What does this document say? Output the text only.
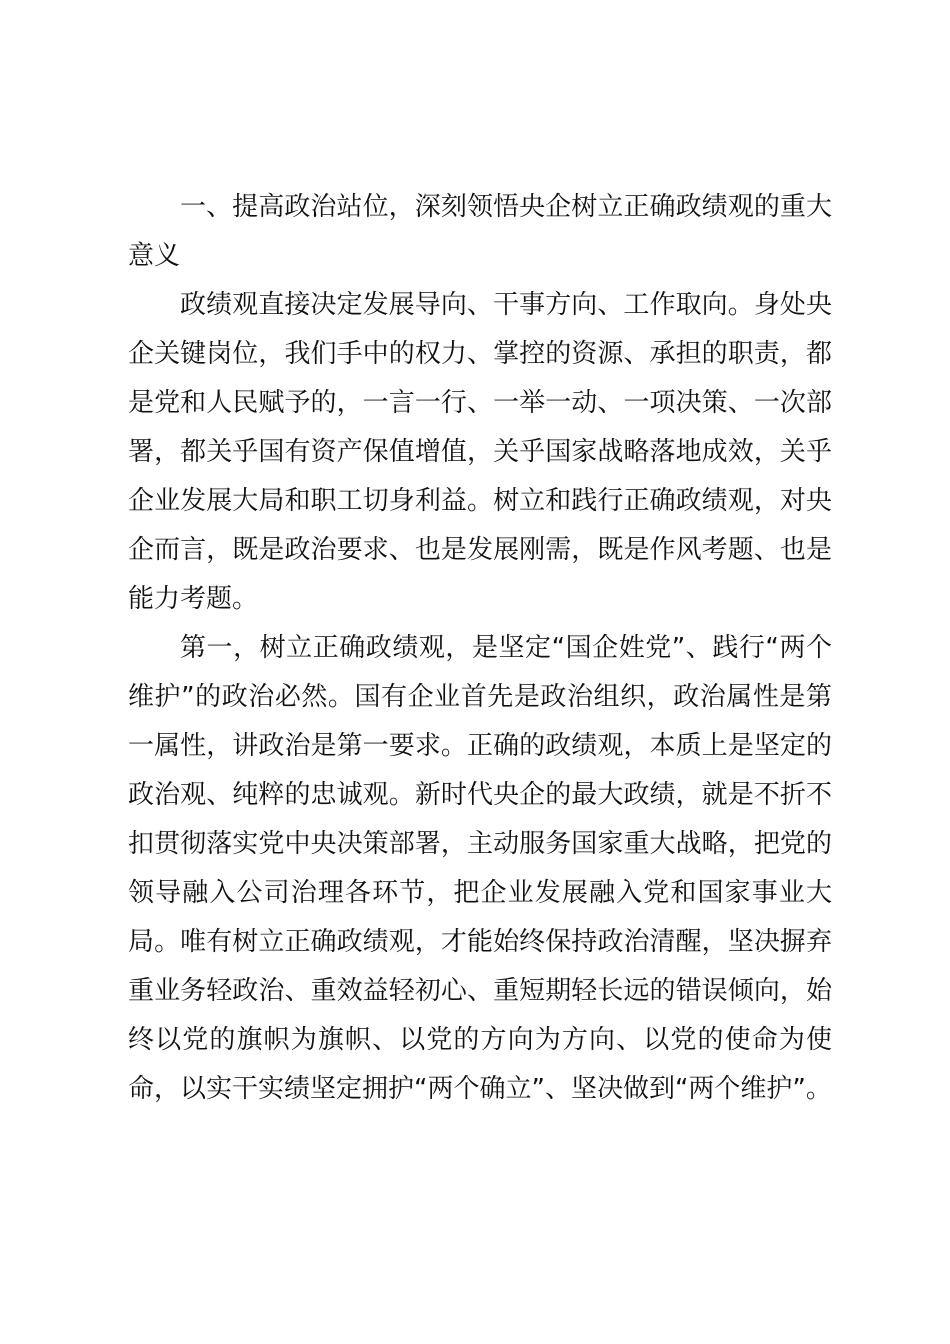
一、提高政治站位，深刻领悟央企树立正确政绩观的重大意义

政绩观直接决定发展导向、干事方向、工作取向。身处央企关键岗位，我们手中的权力、掌控的资源、承担的职责，都是党和人民赋予的，一言一行、一举一动、一项决策、一次部署，都关乎国有资产保值增值，关乎国家战略落地成效，关乎企业发展大局和职工切身利益。树立和践行正确政绩观，对央企而言，既是政治要求、也是发展刚需，既是作风考题、也是能力考题。

第一，树立正确政绩观，是坚定“国企姓党”、践行“两个维护”的政治必然。国有企业首先是政治组织，政治属性是第一属性，讲政治是第一要求。正确的政绩观，本质上是坚定的政治观、纯粹的忠诚观。新时代央企的最大政绩，就是不折不扣贯彻落实党中央决策部署，主动服务国家重大战略，把党的领导融入公司治理各环节，把企业发展融入党和国家事业大局。唯有树立正确政绩观，才能始终保持政治清醒，坚决摒弃重业务轻政治、重效益轻初心、重短期轻长远的错误倾向，始终以党的旗帜为旗帜、以党的方向为方向、以党的使命为使命，以实干实绩坚定拥护“两个确立”、坚决做到“两个维护”。
